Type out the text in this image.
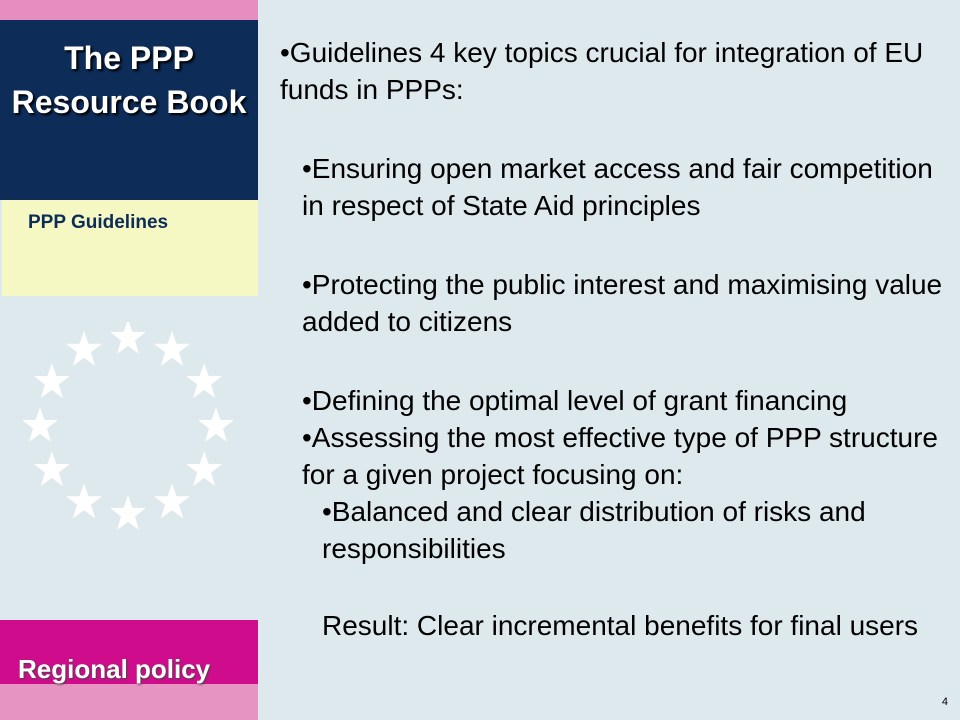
The PPP Resource Book
PPP Guidelines
Regional policy

•Guidelines 4 key topics crucial for integration of EU funds in PPPs:

•Ensuring open market access and fair competition in respect of State Aid principles

•Protecting the public interest and maximising value added to citizens

•Defining the optimal level of grant financing

•Assessing the most effective type of PPP structure for a given project focusing on:

•Balanced and clear distribution of risks and responsibilities

Result: Clear incremental benefits for final users

4
